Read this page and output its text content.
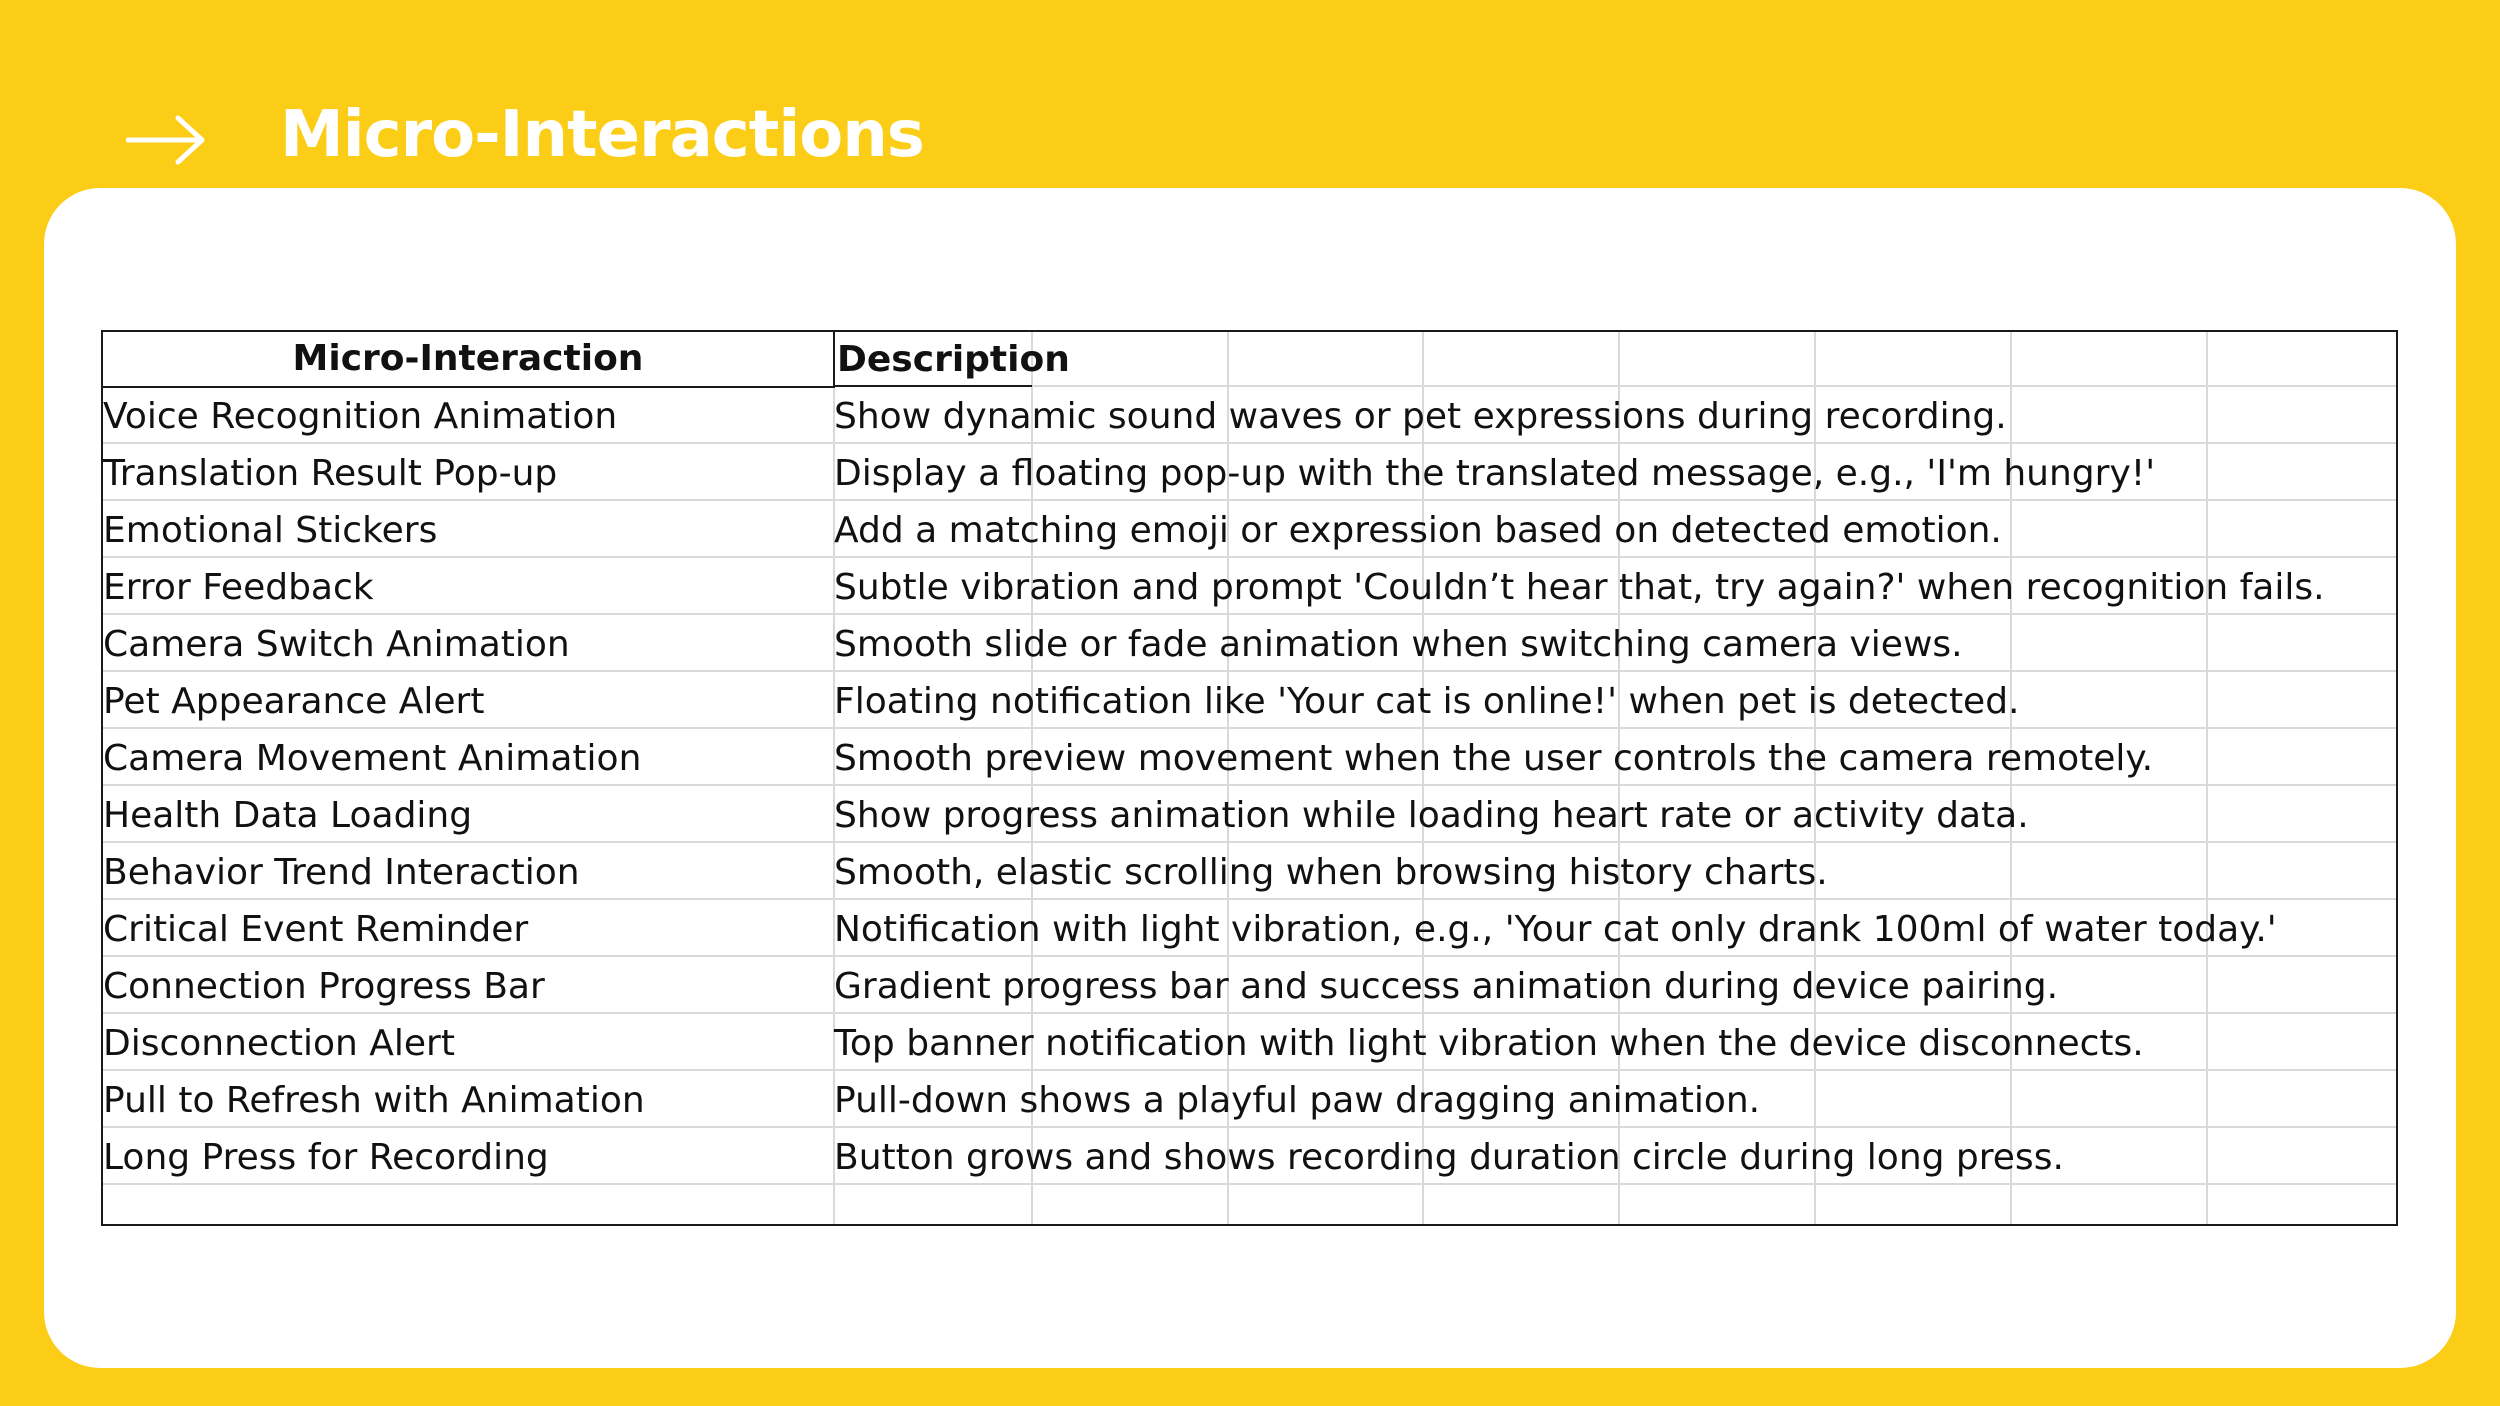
Micro-Interactions
Micro-Interaction	Description
Voice Recognition Animation	Show dynamic sound waves or pet expressions during recording.
Translation Result Pop-up	Display a floating pop-up with the translated message, e.g., 'I'm hungry!'
Emotional Stickers	Add a matching emoji or expression based on detected emotion.
Error Feedback	Subtle vibration and prompt 'Couldn’t hear that, try again?' when recognition fails.
Camera Switch Animation	Smooth slide or fade animation when switching camera views.
Pet Appearance Alert	Floating notification like 'Your cat is online!' when pet is detected.
Camera Movement Animation	Smooth preview movement when the user controls the camera remotely.
Health Data Loading	Show progress animation while loading heart rate or activity data.
Behavior Trend Interaction	Smooth, elastic scrolling when browsing history charts.
Critical Event Reminder	Notification with light vibration, e.g., 'Your cat only drank 100ml of water today.'
Connection Progress Bar	Gradient progress bar and success animation during device pairing.
Disconnection Alert	Top banner notification with light vibration when the device disconnects.
Pull to Refresh with Animation	Pull-down shows a playful paw dragging animation.
Long Press for Recording	Button grows and shows recording duration circle during long press.
